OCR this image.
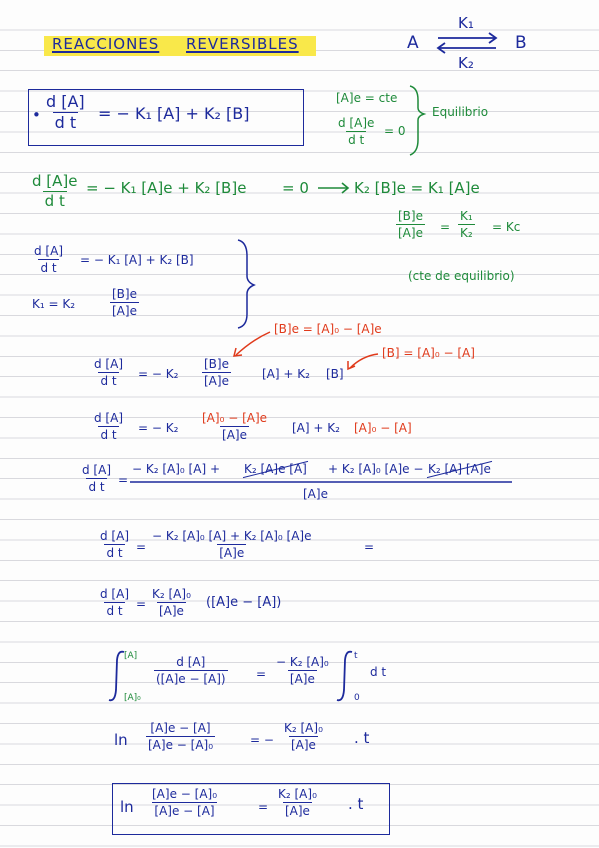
REACCIONES REVERSIBLES	A	B
K₁
K₂
• $\frac{d [A]}{\text{d t}}$ = − K₁ [A] + K₂ [B]
[A]e = cte
$\frac{d [A]e}{\text{d t}} = 0$
Equilibrio
$\frac{d [A]e}{\text{d t}}$ = − K₁ [A]e + K₂ [B]e = 0	K₂ [B]e = K₁ [A]e
$\frac{[B]e}{[A]e} = \frac{\text{K₁}}{\text{K₂}} = Kc$
(cte de equilibrio)
$\frac{d [A]}{\text{d t}}$ = − K₁ [A] + K₂ [B]
K₁ = K₂	$\frac{[B]e}{[A]e}$
[B]e = [A]₀ − [A]e
[B] = [A]₀ − [A]
$\frac{d [A]}{\text{d t}}$ = − $K_2 \frac{[B]e}{[A]e}$	[A] + K₂ [B]
$\frac{d [A]}{\text{d t}}$ = − $K_2 \frac{\text{[A]₀ − [A]e}}{[A]e} [A] + K_2$ [A]₀ − [A]
$\frac{d [A]}{\text{d t}}$ =
− K₂ [A]₀ [A] + K₂ [A]e [A] + K₂ [A]₀ [A]e − K₂ [A] [A]e
[A]e
$\frac{d [A]}{\text{d t}} = \frac{\text{− K₂ [A]₀ [A] + K₂ [A]₀ [A]e}}{[A]e}$	=
$\frac{d [A]}{\text{d t}} = \frac{\text{K₂ [A]₀}}{[A]e} ([A]e - [A])$
[A]
[A]₀
$\frac{d [A]}{([A]e - [A])} = \frac{\text{− K₂ [A]₀}}{[A]e}$	t
0
d t
$\ln \frac{[A]e - [A]}{\text{[A]e − [A]₀}}$	= − $\frac{\text{K₂ [A]₀}}{[A]e}$ . t
$\ln \frac{\text{[A]e − [A]₀}}{[A]e - [A]}$	= $\frac{\text{K₂ [A]₀}}{[A]e}$ . t
